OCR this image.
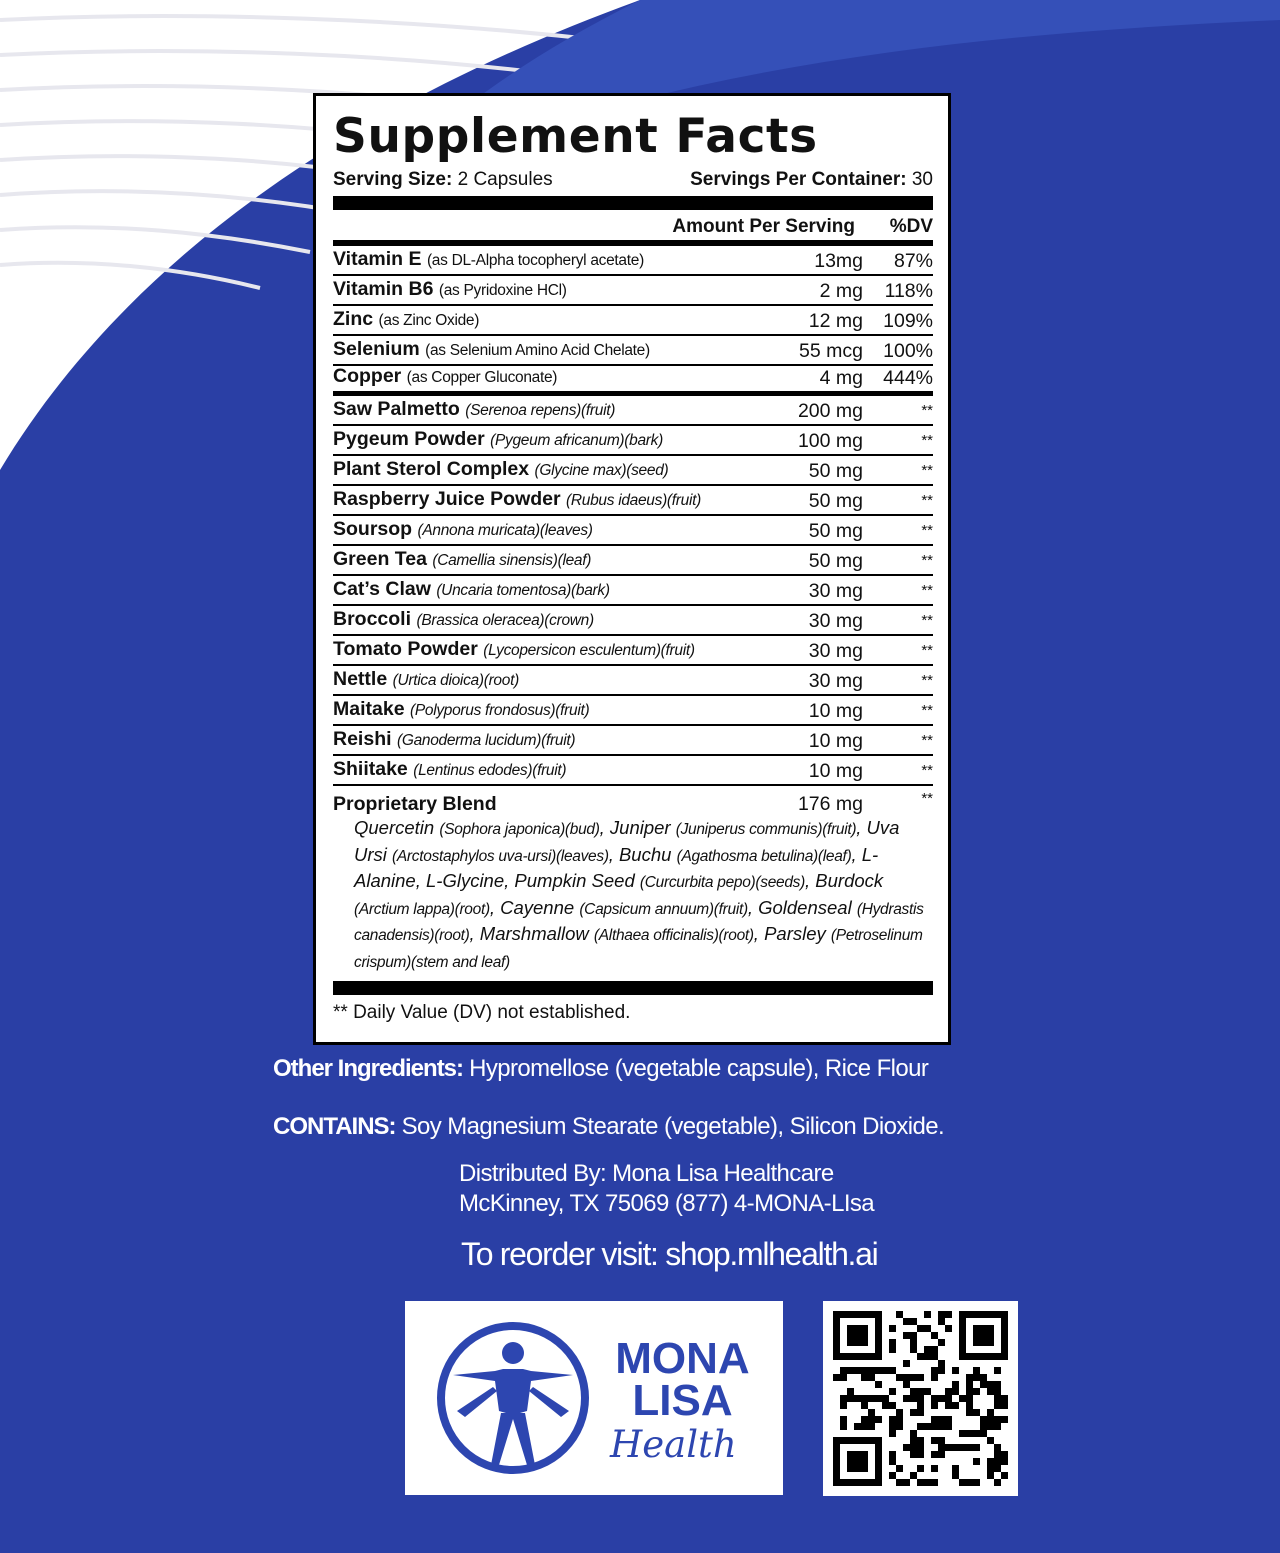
Supplement Facts
Serving Size: 2 Capsules	Servings Per Container: 30
Amount Per Serving	%DV
Vitamin E (as DL-Alpha tocopheryl acetate)	13mg	87%
Vitamin B6 (as Pyridoxine HCl)	2 mg	118%
Zinc (as Zinc Oxide)	12 mg	109%
Selenium (as Selenium Amino Acid Chelate)	55 mcg	100%
Copper (as Copper Gluconate)	4 mg	444%
Saw Palmetto (Serenoa repens)(fruit)	200 mg	**
Pygeum Powder (Pygeum africanum)(bark)	100 mg	**
Plant Sterol Complex (Glycine max)(seed)	50 mg	**
Raspberry Juice Powder (Rubus idaeus)(fruit)	50 mg	**
Soursop (Annona muricata)(leaves)	50 mg	**
Green Tea (Camellia sinensis)(leaf)	50 mg	**
Cat’s Claw (Uncaria tomentosa)(bark)	30 mg	**
Broccoli (Brassica oleracea)(crown)	30 mg	**
Tomato Powder (Lycopersicon esculentum)(fruit)	30 mg	**
Nettle (Urtica dioica)(root)	30 mg	**
Maitake (Polyporus frondosus)(fruit)	10 mg	**
Reishi (Ganoderma lucidum)(fruit)	10 mg	**
Shiitake (Lentinus edodes)(fruit)	10 mg	**
Proprietary Blend	176 mg	**
Quercetin (Sophora japonica)(bud), Juniper (Juniperus communis)(fruit), Uva Ursi (Arctostaphylos uva-ursi)(leaves), Buchu (Agathosma betulina)(leaf), L-Alanine, L-Glycine, Pumpkin Seed (Curcurbita pepo)(seeds), Burdock (Arctium lappa)(root), Cayenne (Capsicum annuum)(fruit), Goldenseal (Hydrastis canadensis)(root), Marshmallow (Althaea officinalis)(root), Parsley (Petroselinum crispum)(stem and leaf)
** Daily Value (DV) not established.
Other Ingredients: Hypromellose (vegetable capsule), Rice Flour
CONTAINS: Soy Magnesium Stearate (vegetable), Silicon Dioxide.
Distributed By: Mona Lisa Healthcare
McKinney, TX 75069 (877) 4-MONA-LIsa
To reorder visit: shop.mlhealth.ai
MONA
LISA
Health
